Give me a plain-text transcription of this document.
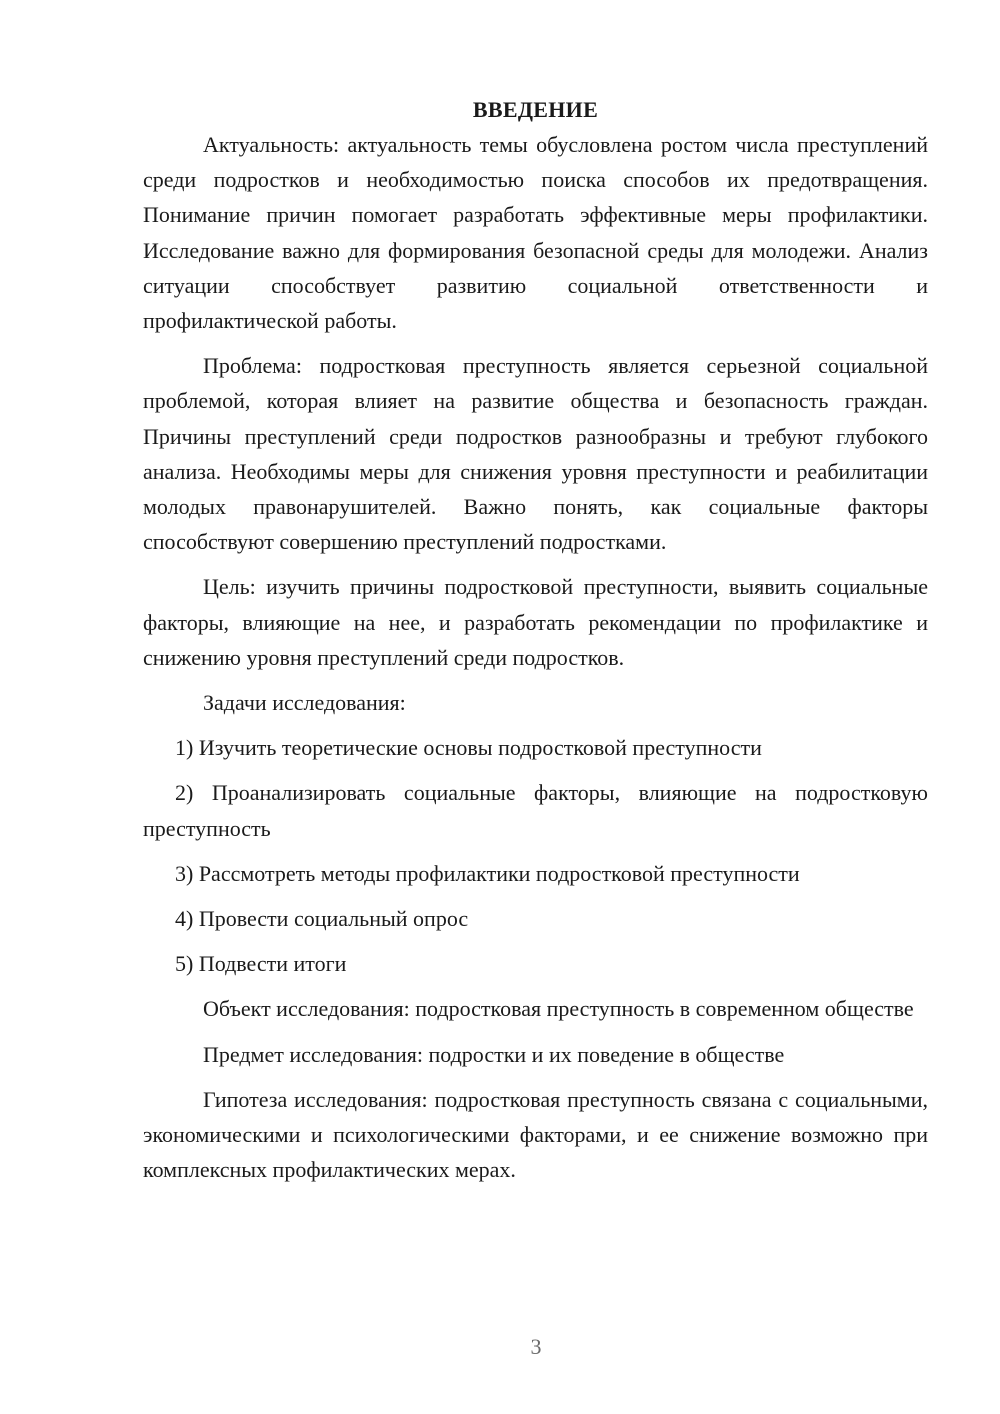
ВВЕДЕНИЕ

Актуальность: актуальность темы обусловлена ростом числа преступлений среди подростков и необходимостью поиска способов их предотвращения. Понимание причин помогает разработать эффективные меры профилактики. Исследование важно для формирования безопасной среды для молодежи. Анализ ситуации способствует развитию социальной ответственности и профилактической работы.

Проблема: подростковая преступность является серьезной социальной проблемой, которая влияет на развитие общества и безопасность граждан. Причины преступлений среди подростков разнообразны и требуют глубокого анализа. Необходимы меры для снижения уровня преступности и реабилитации молодых правонарушителей. Важно понять, как социальные факторы способствуют совершению преступлений подростками.

Цель: изучить причины подростковой преступности, выявить социальные факторы, влияющие на нее, и разработать рекомендации по профилактике и снижению уровня преступлений среди подростков.

Задачи исследования:

1) Изучить теоретические основы подростковой преступности

2) Проанализировать социальные факторы, влияющие на подростковую преступность

3) Рассмотреть методы профилактики подростковой преступности

4) Провести социальный опрос

5) Подвести итоги

Объект исследования: подростковая преступность в современном обществе

Предмет исследования: подростки и их поведение в обществе

Гипотеза исследования: подростковая преступность связана с социальными, экономическими и психологическими факторами, и ее снижение возможно при комплексных профилактических мерах.

3
